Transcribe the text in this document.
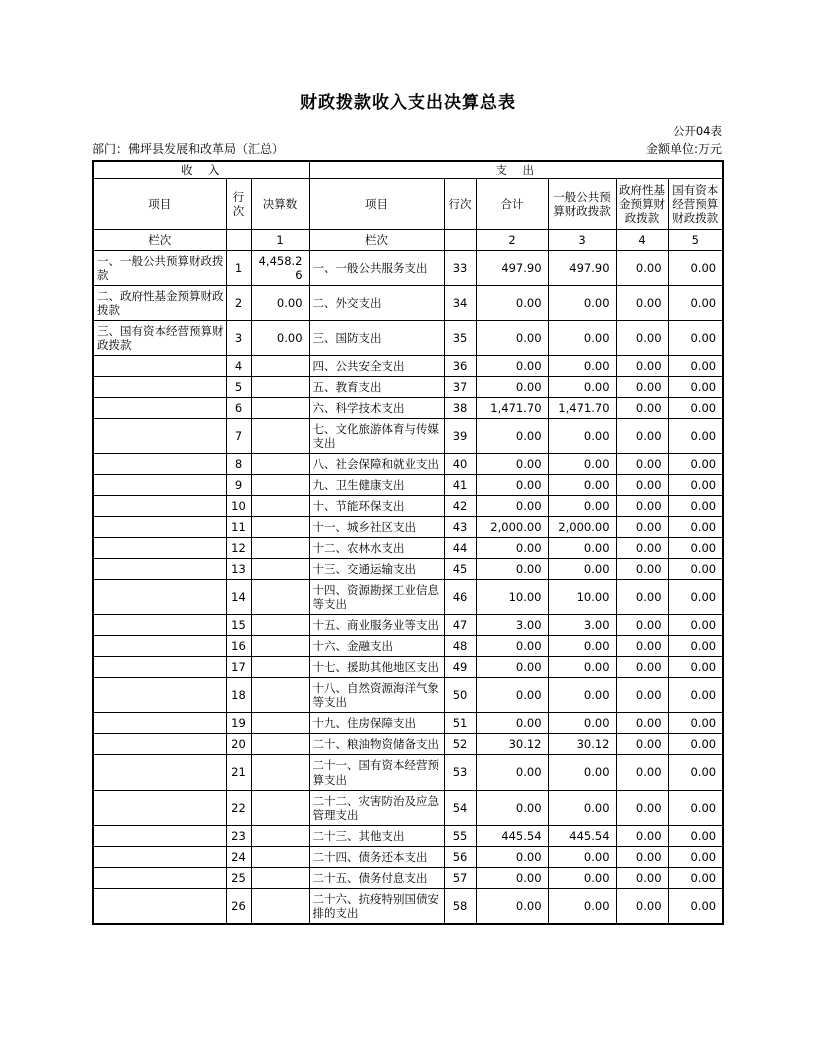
财政拨款收入支出决算总表
公开04表
部门：佛坪县发展和改革局（汇总）	金额单位:万元
收　入			支　出					
项目	行次	决算数	项目	行次	合计	一般公共预算财政拨款	政府性基金预算财政拨款	国有资本经营预算财政拨款
栏次		1	栏次		2	3	4	5
一、一般公共预算财政拨款	1	4,458.26	一、一般公共服务支出	33	497.90	497.90	0.00	0.00
二、政府性基金预算财政拨款	2	0.00	二、外交支出	34	0.00	0.00	0.00	0.00
三、国有资本经营预算财政拨款	3	0.00	三、国防支出	35	0.00	0.00	0.00	0.00
	4		四、公共安全支出	36	0.00	0.00	0.00	0.00
	5		五、教育支出	37	0.00	0.00	0.00	0.00
	6		六、科学技术支出	38	1,471.70	1,471.70	0.00	0.00
	7		七、文化旅游体育与传媒支出	39	0.00	0.00	0.00	0.00
	8		八、社会保障和就业支出	40	0.00	0.00	0.00	0.00
	9		九、卫生健康支出	41	0.00	0.00	0.00	0.00
	10		十、节能环保支出	42	0.00	0.00	0.00	0.00
	11		十一、城乡社区支出	43	2,000.00	2,000.00	0.00	0.00
	12		十二、农林水支出	44	0.00	0.00	0.00	0.00
	13		十三、交通运输支出	45	0.00	0.00	0.00	0.00
	14		十四、资源勘探工业信息等支出	46	10.00	10.00	0.00	0.00
	15		十五、商业服务业等支出	47	3.00	3.00	0.00	0.00
	16		十六、金融支出	48	0.00	0.00	0.00	0.00
	17		十七、援助其他地区支出	49	0.00	0.00	0.00	0.00
	18		十八、自然资源海洋气象等支出	50	0.00	0.00	0.00	0.00
	19		十九、住房保障支出	51	0.00	0.00	0.00	0.00
	20		二十、粮油物资储备支出	52	30.12	30.12	0.00	0.00
	21		二十一、国有资本经营预算支出	53	0.00	0.00	0.00	0.00
	22		二十二、灾害防治及应急管理支出	54	0.00	0.00	0.00	0.00
	23		二十三、其他支出	55	445.54	445.54	0.00	0.00
	24		二十四、债务还本支出	56	0.00	0.00	0.00	0.00
	25		二十五、债务付息支出	57	0.00	0.00	0.00	0.00
	26		二十六、抗疫特别国债安排的支出	58	0.00	0.00	0.00	0.00
